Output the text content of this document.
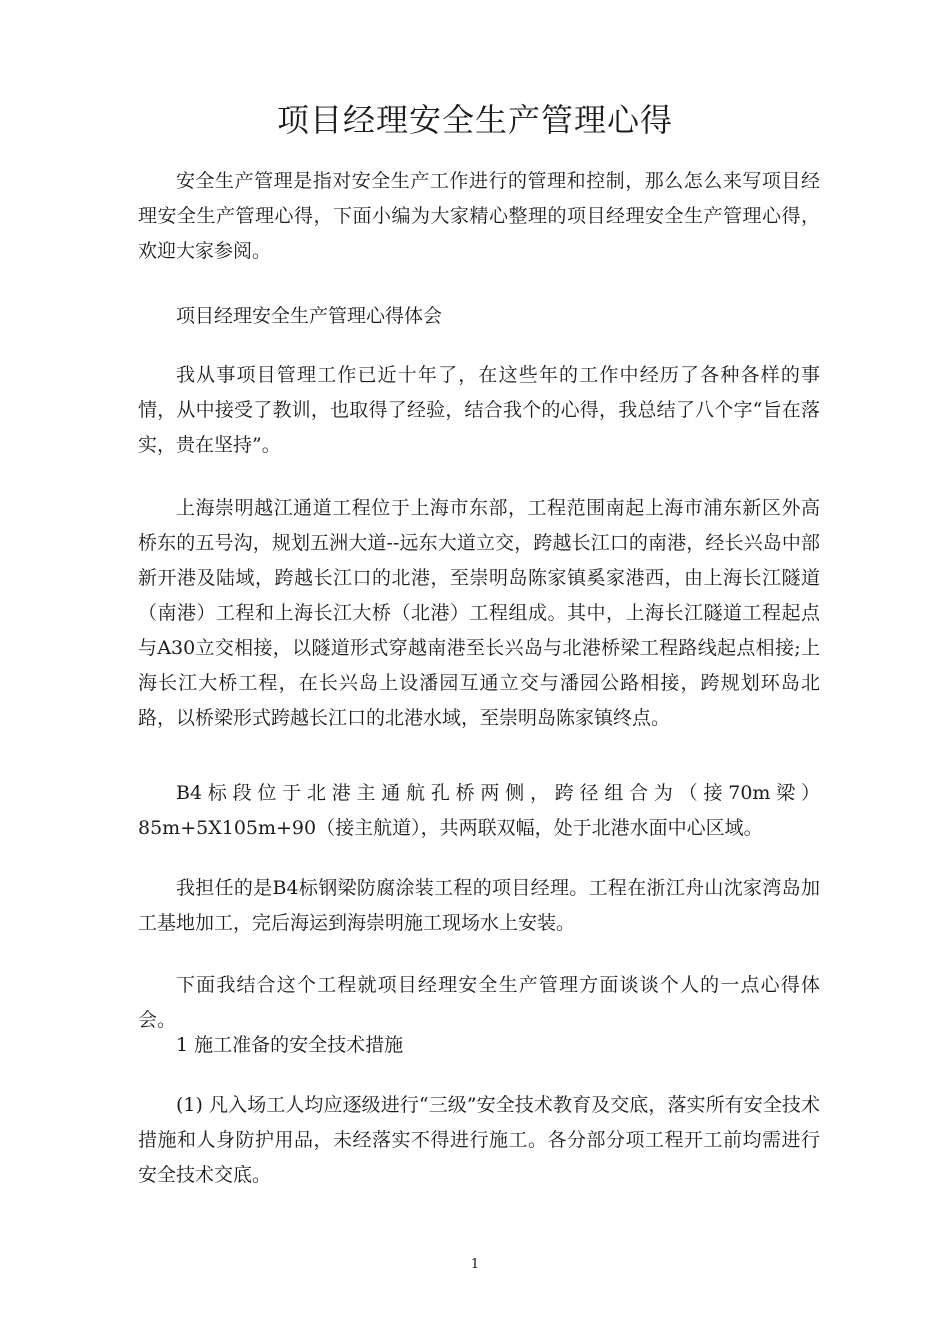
项目经理安全生产管理心得

安全生产管理是指对安全生产工作进行的管理和控制，那么怎么来写项目经理安全生产管理心得，下面小编为大家精心整理的项目经理安全生产管理心得，欢迎大家参阅。

项目经理安全生产管理心得体会

我从事项目管理工作已近十年了，在这些年的工作中经历了各种各样的事情，从中接受了教训，也取得了经验，结合我个的心得，我总结了八个字“旨在落实，贵在坚持”。

上海崇明越江通道工程位于上海市东部，工程范围南起上海市浦东新区外高桥东的五号沟，规划五洲大道--远东大道立交，跨越长江口的南港，经长兴岛中部新开港及陆域，跨越长江口的北港，至崇明岛陈家镇奚家港西，由上海长江隧道（南港）工程和上海长江大桥（北港）工程组成。其中，上海长江隧道工程起点与A30立交相接，以隧道形式穿越南港至长兴岛与北港桥梁工程路线起点相接;上海长江大桥工程，在长兴岛上设潘园互通立交与潘园公路相接，跨规划环岛北路，以桥梁形式跨越长江口的北港水域，至崇明岛陈家镇终点。

B4标段位于北港主通航孔桥两侧，跨径组合为（接70m梁）85m+5X105m+90（接主航道），共两联双幅，处于北港水面中心区域。

我担任的是B4标钢梁防腐涂装工程的项目经理。工程在浙江舟山沈家湾岛加工基地加工，完后海运到海崇明施工现场水上安装。

下面我结合这个工程就项目经理安全生产管理方面谈谈个人的一点心得体会。

1 施工准备的安全技术措施

(1) 凡入场工人均应逐级进行“三级”安全技术教育及交底，落实所有安全技术措施和人身防护用品，未经落实不得进行施工。各分部分项工程开工前均需进行安全技术交底。

1
